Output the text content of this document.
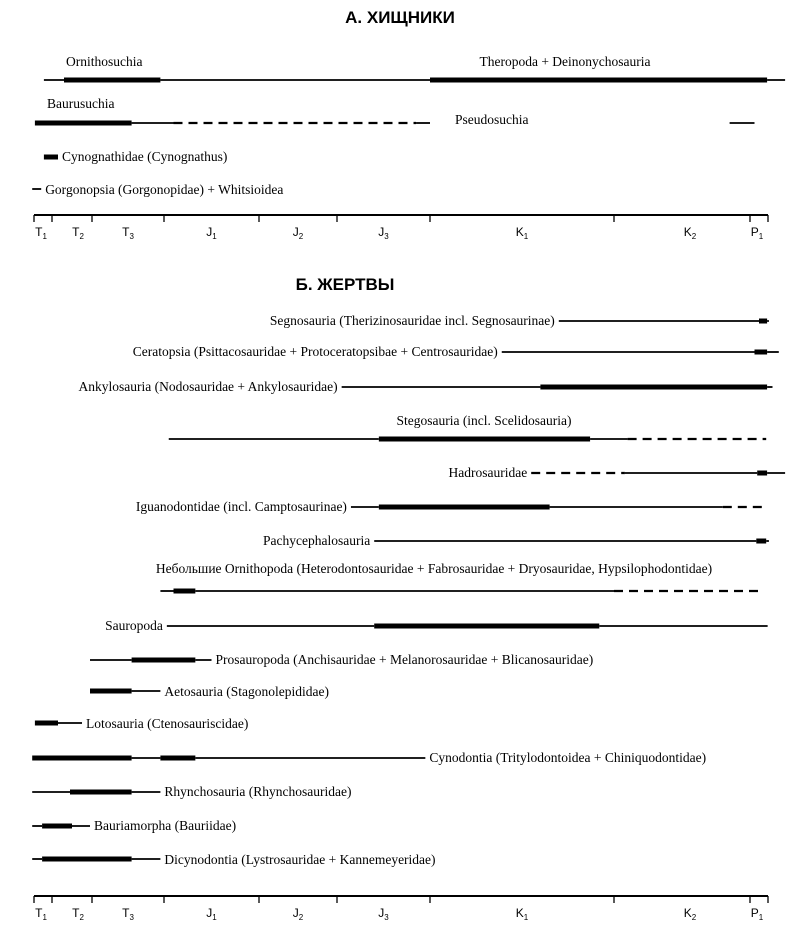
А. ХИЩНИКИ
Б. ЖЕРТВЫ
Ornithosuchia	Theropoda + Deinonychosauria
Baurusuchia
Pseudosuchia
Cynognathidae (Cynognathus)
Gorgonopsia (Gorgonopidae) + Whitsioidea
Segnosauria (Therizinosauridae incl. Segnosaurinae)
Ceratopsia (Psittacosauridae + Protoceratopsibae + Centrosauridae)
Ankylosauria (Nodosauridae + Ankylosauridae)
Stegosauria (incl. Scelidosauria)
Hadrosauridae
Iguanodontidae (incl. Camptosaurinae)
Pachycephalosauria
Небольшие Ornithopoda (Heterodontosauridae + Fabrosauridae + Dryosauridae, Hypsilophodontidae)
Sauropoda
Prosauropoda (Anchisauridae + Melanorosauridae + Blicanosauridae)
Aetosauria (Stagonolepididae)
Lotosauria (Ctenosauriscidae)
Cynodontia (Tritylodontoidea + Chiniquodontidae)
Rhynchosauria (Rhynchosauridae)
Bauriamorpha (Bauriidae)
Dicynodontia (Lystrosauridae + Kannemeyeridae)
$T_1$ $T_2$	$T_3$	$J_1$	$J_2$	$J_3$	$K_1$	$K_2$	$Р_1$
$T_1$ $T_2$	$T_3$	$J_1$	$J_2$	$J_3$	$K_1$	$K_2$	$Р_1$
